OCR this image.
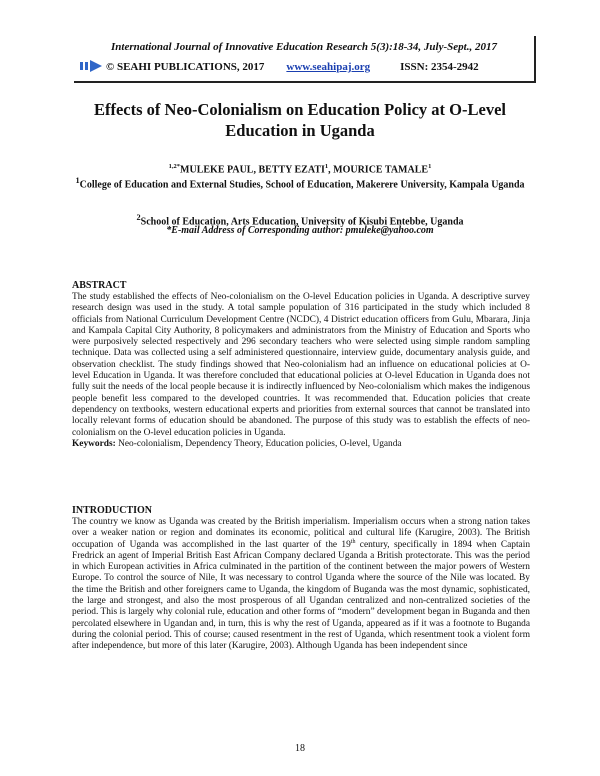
International Journal of Innovative Education Research 5(3):18-34, July-Sept., 2017
© SEAHI PUBLICATIONS, 2017 www.seahipaj.org	ISSN: 2354-2942
Effects of Neo-Colonialism on Education Policy at O-Level Education in Uganda
$^{1,2*}$MULEKE PAUL, BETTY EZATI$^1$, MOURICE TAMALE$^1$
$^1$College of Education and External Studies, School of Education, Makerere University, Kampala Uganda
$^2$School of Education, Arts Education, University of Kisubi Entebbe, Uganda
*E-mail Address of Corresponding author: pmuleke@yahoo.com
ABSTRACT

The study established the effects of Neo-colonialism on the O-level Education policies in Uganda. A descriptive survey research design was used in the study. A total sample population of 316 participated in the study which included 8 officials from National Curriculum Development Centre (NCDC), 4 District education officers from Gulu, Mbarara, Jinja and Kampala Capital City Authority, 8 policymakers and administrators from the Ministry of Education and Sports who were purposively selected respectively and 296 secondary teachers who were selected using simple random sampling technique. Data was collected using a self administered questionnaire, interview guide, documentary analysis guide, and observation checklist. The study findings showed that Neo-colonialism had an influence on educational policies at O-level Education in Uganda. It was therefore concluded that educational policies at O-level Education in Uganda does not fully suit the needs of the local people because it is indirectly influenced by Neo-colonialism which makes the indigenous people benefit less compared to the developed countries. It was recommended that. Education policies that create dependency on textbooks, western educational experts and priorities from external sources that cannot be translated into locally relevant forms of education should be abandoned. The purpose of this study was to establish the effects of neo-colonialism on the O-level education policies in Uganda.

Keywords: Neo-colonialism, Dependency Theory, Education policies, O-level, Uganda

INTRODUCTION

The country we know as Uganda was created by the British imperialism. Imperialism occurs when a strong nation takes over a weaker nation or region and dominates its economic, political and cultural life (Karugire, 2003). The British occupation of Uganda was accomplished in the last quarter of the 19th century, specifically in 1894 when Captain Fredrick an agent of Imperial British East African Company declared Uganda a British protectorate. This was the period in which European activities in Africa culminated in the partition of the continent between the major powers of Western Europe. To control the source of Nile, It was necessary to control Uganda where the source of the Nile was located. By the time the British and other foreigners came to Uganda, the kingdom of Buganda was the most dynamic, sophisticated, the large and strongest, and also the most prosperous of all Ugandan centralized and non-centralized societies of the period. This is largely why colonial rule, education and other forms of “modern” development began in Buganda and then percolated elsewhere in Ugandan and, in turn, this is why the rest of Uganda, appeared as if it was a footnote to Buganda during the colonial period. This of course; caused resentment in the rest of Uganda, which resentment took a violent form after independence, but more of this later (Karugire, 2003). Although Uganda has been independent since

18
